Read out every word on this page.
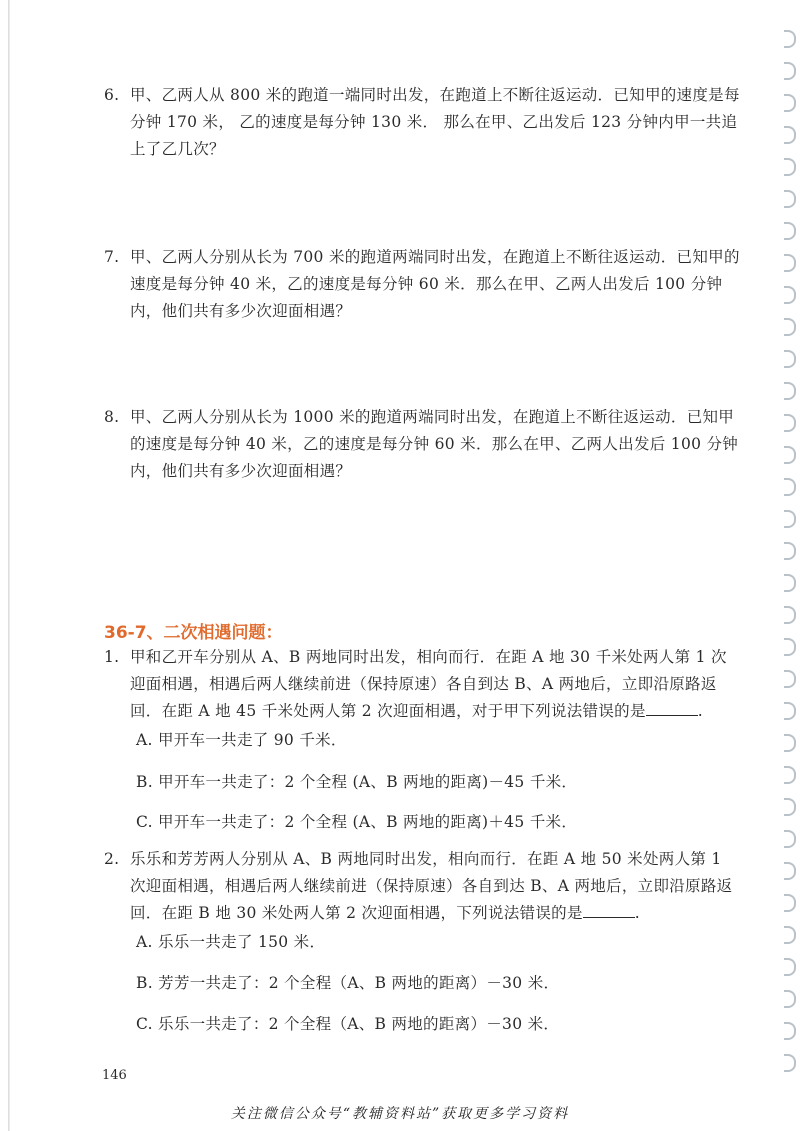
6. 甲、乙两人从 800 米的跑道一端同时出发，在跑道上不断往返运动．已知甲的速度是每分钟 170 米， 乙的速度是每分钟 130 米． 那么在甲、乙出发后 123 分钟内甲一共追上了乙几次？
7. 甲、乙两人分别从长为 700 米的跑道两端同时出发，在跑道上不断往返运动．已知甲的速度是每分钟 40 米，乙的速度是每分钟 60 米．那么在甲、乙两人出发后 100 分钟内，他们共有多少次迎面相遇？
8. 甲、乙两人分别从长为 1000 米的跑道两端同时出发，在跑道上不断往返运动．已知甲的速度是每分钟 40 米，乙的速度是每分钟 60 米．那么在甲、乙两人出发后 100 分钟内，他们共有多少次迎面相遇？
36-7、二次相遇问题：
1. 甲和乙开车分别从 A、B 两地同时出发，相向而行．在距 A 地 30 千米处两人第 1 次迎面相遇，相遇后两人继续前进（保持原速）各自到达 B、A 两地后，立即沿原路返回．在距 A 地 45 千米处两人第 2 次迎面相遇，对于甲下列说法错误的是	.
A. 甲开车一共走了 90 千米．
B. 甲开车一共走了：2 个全程 (A、B 两地的距离)－45 千米．
C. 甲开车一共走了：2 个全程 (A、B 两地的距离)＋45 千米．
2. 乐乐和芳芳两人分别从 A、B 两地同时出发，相向而行．在距 A 地 50 米处两人第 1 次迎面相遇，相遇后两人继续前进（保持原速）各自到达 B、A 两地后，立即沿原路返回．在距 B 地 30 米处两人第 2 次迎面相遇，下列说法错误的是	.
A. 乐乐一共走了 150 米．
B. 芳芳一共走了：2 个全程（A、B 两地的距离）－30 米．
C. 乐乐一共走了：2 个全程（A、B 两地的距离）－30 米．
146
关注微信公众号“教辅资料站”获取更多学习资料
